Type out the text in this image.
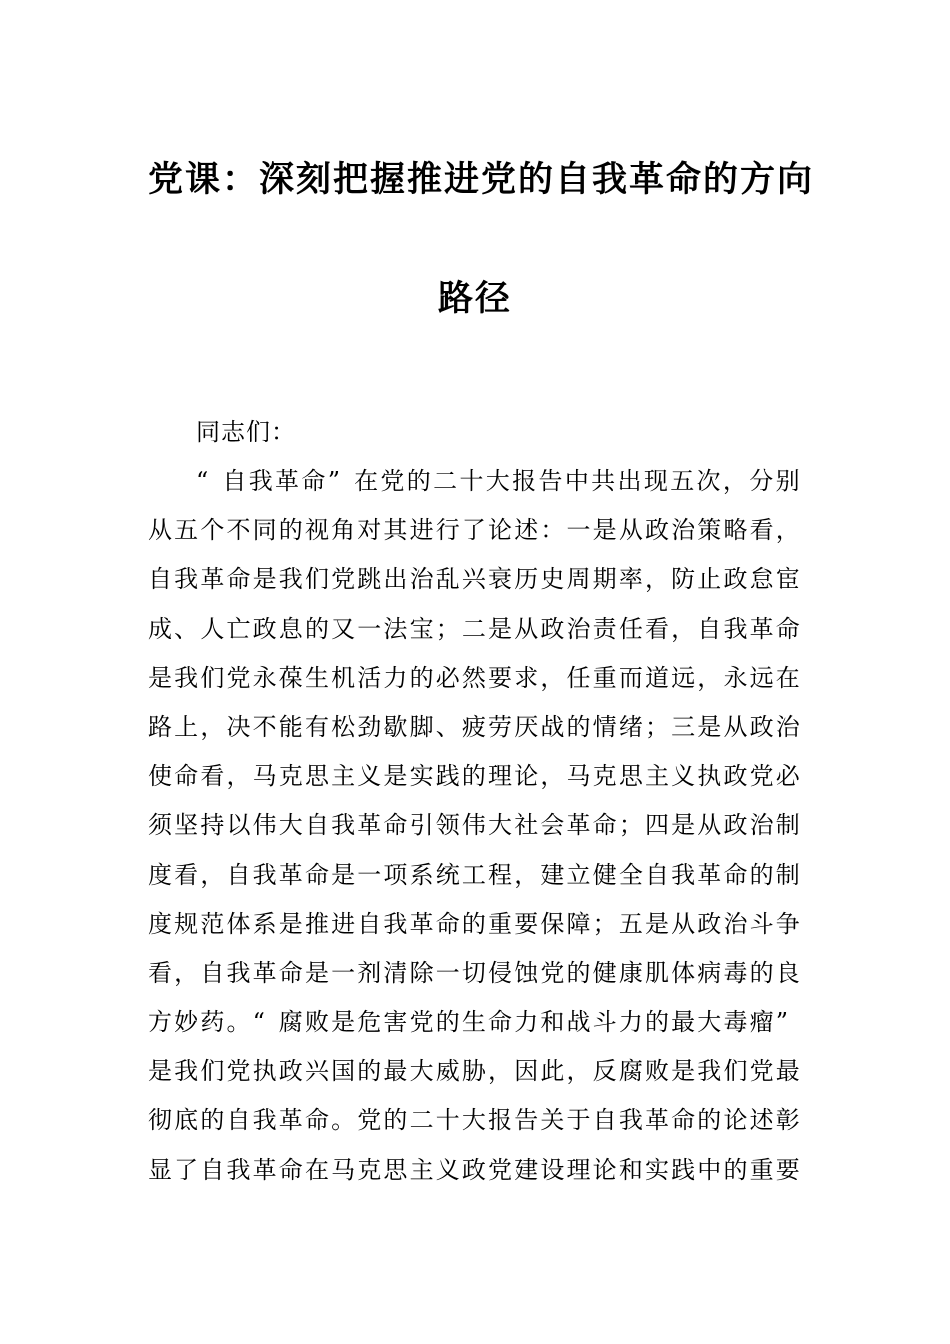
党课：深刻把握推进党的自我革命的方向
路径
同志们：
“ 自我革命” 在党的二十大报告中共出现五次，分别
从五个不同的视角对其进行了论述：一是从政治策略看，
自我革命是我们党跳出治乱兴衰历史周期率，防止政怠宦
成、人亡政息的又一法宝；二是从政治责任看，自我革命
是我们党永葆生机活力的必然要求，任重而道远，永远在
路上，决不能有松劲歇脚、疲劳厌战的情绪；三是从政治
使命看，马克思主义是实践的理论，马克思主义执政党必
须坚持以伟大自我革命引领伟大社会革命；四是从政治制
度看，自我革命是一项系统工程，建立健全自我革命的制
度规范体系是推进自我革命的重要保障；五是从政治斗争
看，自我革命是一剂清除一切侵蚀党的健康肌体病毒的良
方妙药。“ 腐败是危害党的生命力和战斗力的最大毒瘤”
是我们党执政兴国的最大威胁，因此，反腐败是我们党最
彻底的自我革命。党的二十大报告关于自我革命的论述彰
显了自我革命在马克思主义政党建设理论和实践中的重要
